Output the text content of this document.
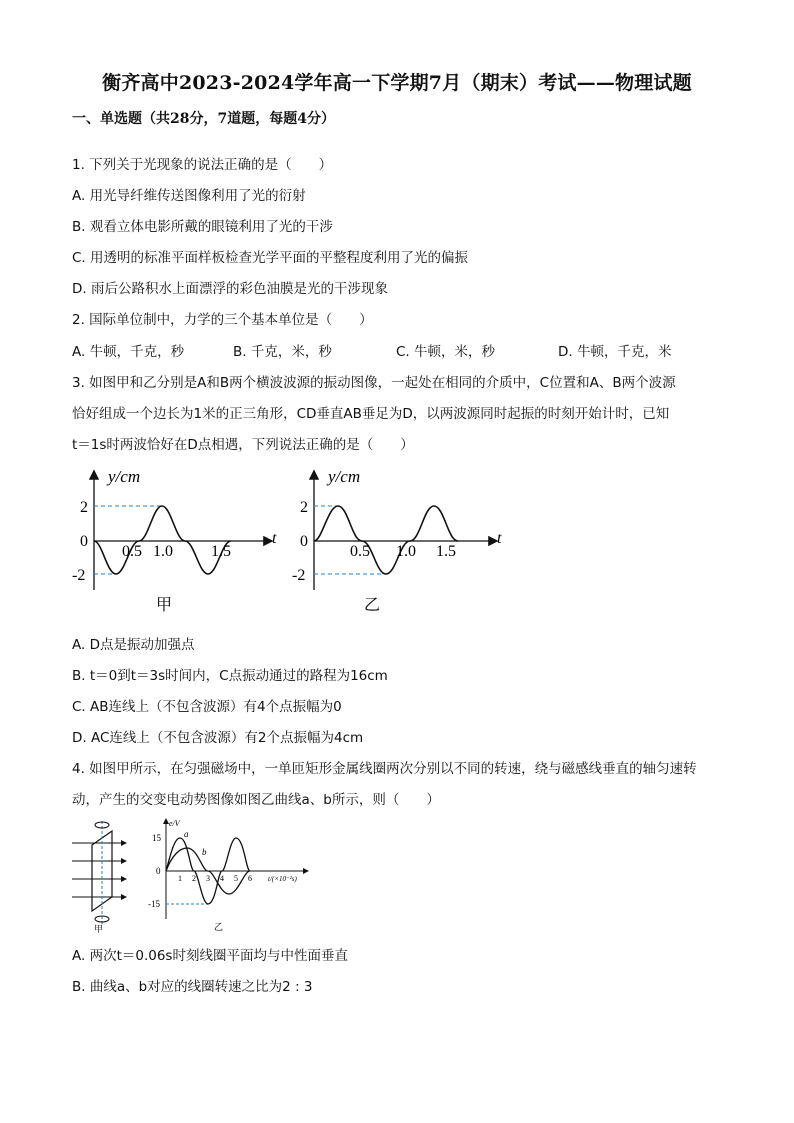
衡齐高中2023-2024学年高一下学期7月（期末）考试——物理试题
一、单选题（共28分，7道题，每题4分）
1. 下列关于光现象的说法正确的是（　　）
A. 用光导纤维传送图像利用了光的衍射
B. 观看立体电影所戴的眼镜利用了光的干涉
C. 用透明的标准平面样板检查光学平面的平整程度利用了光的偏振
D. 雨后公路积水上面漂浮的彩色油膜是光的干涉现象
2. 国际单位制中，力学的三个基本单位是（　　）
A. 牛顿，千克，秒	B. 千克，米，秒	C. 牛顿，米，秒	D. 牛顿，千克，米
3. 如图甲和乙分别是A和B两个横波波源的振动图像，一起处在相同的介质中，C位置和A、B两个波源
恰好组成一个边长为1米的正三角形，CD垂直AB垂足为D，以两波源同时起振的时刻开始计时，已知
t＝1s时两波恰好在D点相遇，下列说法正确的是（　　）
y/cm
t
2
0
-2
0.5 1.0 1.5
甲
y/cm
t
2
0
-2
0.5 1.0 1.5
乙
A. D点是振动加强点
B. t＝0到t＝3s时间内，C点振动通过的路程为16cm
C. AB连线上（不包含波源）有4个点振幅为0
D. AC连线上（不包含波源）有2个点振幅为4cm
4. 如图甲所示，在匀强磁场中，一单匝矩形金属线圈两次分别以不同的转速，绕与磁感线垂直的轴匀速转
动，产生的交变电动势图像如图乙曲线a、b所示，则（　　）
甲
e/V
t/(×10⁻²s)
15
0
-15
1 2 3 4 5 6
a
b
乙
A. 两次t＝0.06s时刻线圈平面均与中性面垂直
B. 曲线a、b对应的线圈转速之比为2 : 3
